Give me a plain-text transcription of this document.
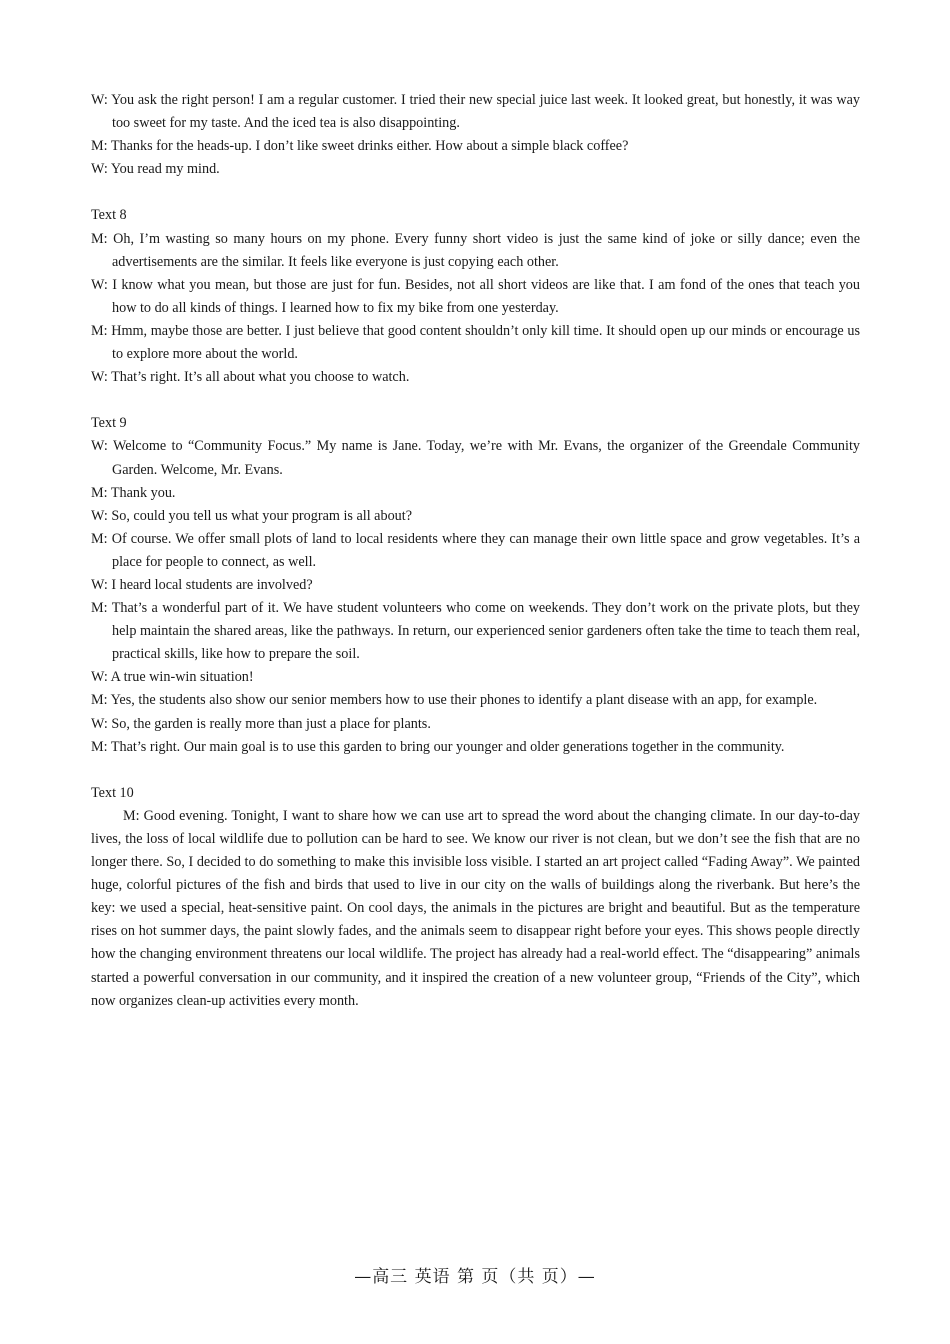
W: You ask the right person! I am a regular customer. I tried their new special juice last week. It looked great, but honestly, it was way too sweet for my taste. And the iced tea is also disappointing.

M: Thanks for the heads-up. I don’t like sweet drinks either. How about a simple black coffee?

W: You read my mind.

Text 8

M: Oh, I’m wasting so many hours on my phone. Every funny short video is just the same kind of joke or silly dance; even the advertisements are the similar. It feels like everyone is just copying each other.

W: I know what you mean, but those are just for fun. Besides, not all short videos are like that. I am fond of the ones that teach you how to do all kinds of things. I learned how to fix my bike from one yesterday.

M: Hmm, maybe those are better. I just believe that good content shouldn’t only kill time. It should open up our minds or encourage us to explore more about the world.

W: That’s right. It’s all about what you choose to watch.

Text 9

W: Welcome to “Community Focus.” My name is Jane. Today, we’re with Mr. Evans, the organizer of the Greendale Community Garden. Welcome, Mr. Evans.

M: Thank you.

W: So, could you tell us what your program is all about?

M: Of course. We offer small plots of land to local residents where they can manage their own little space and grow vegetables. It’s a place for people to connect, as well.

W: I heard local students are involved?

M: That’s a wonderful part of it. We have student volunteers who come on weekends. They don’t work on the private plots, but they help maintain the shared areas, like the pathways. In return, our experienced senior gardeners often take the time to teach them real, practical skills, like how to prepare the soil.

W: A true win-win situation!

M: Yes, the students also show our senior members how to use their phones to identify a plant disease with an app, for example.

W: So, the garden is really more than just a place for plants.

M: That’s right. Our main goal is to use this garden to bring our younger and older generations together in the community.

Text 10

M: Good evening. Tonight, I want to share how we can use art to spread the word about the changing climate. In our day-to-day lives, the loss of local wildlife due to pollution can be hard to see. We know our river is not clean, but we don’t see the fish that are no longer there. So, I decided to do something to make this invisible loss visible. I started an art project called “Fading Away”. We painted huge, colorful pictures of the fish and birds that used to live in our city on the walls of buildings along the riverbank. But here’s the key: we used a special, heat-sensitive paint. On cool days, the animals in the pictures are bright and beautiful. But as the temperature rises on hot summer days, the paint slowly fades, and the animals seem to disappear right before your eyes. This shows people directly how the changing environment threatens our local wildlife. The project has already had a real-world effect. The “disappearing” animals started a powerful conversation in our community, and it inspired the creation of a new volunteer group, “Friends of the City”, which now organizes clean-up activities every month.

—高三 英语 第 页（共 页）—
